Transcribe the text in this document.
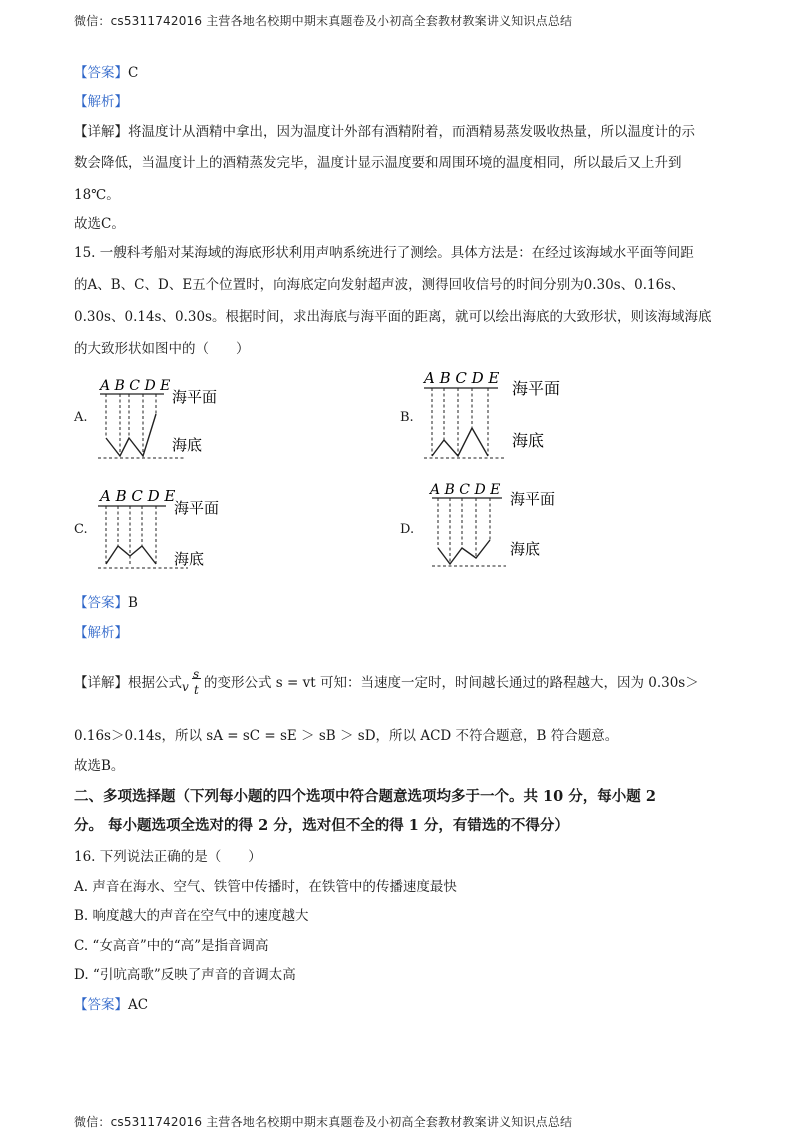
微信：cs5311742016 主营各地名校期中期末真题卷及小初高全套教材教案讲义知识点总结
【答案】C
【解析】
【详解】将温度计从酒精中拿出，因为温度计外部有酒精附着，而酒精易蒸发吸收热量，所以温度计的示
数会降低，当温度计上的酒精蒸发完毕，温度计显示温度要和周围环境的温度相同，所以最后又上升到
18℃。
故选C。
15. 一艘科考船对某海域的海底形状利用声呐系统进行了测绘。具体方法是：在经过该海域水平面等间距
的A、B、C、D、E五个位置时，向海底定向发射超声波，测得回收信号的时间分别为0.30s、0.16s、
0.30s、0.14s、0.30s。根据时间，求出海底与海平面的距离，就可以绘出海底的大致形状，则该海域海底
的大致形状如图中的（　　）
A.
A B C D E
海平面
海底
B.
A B C D E
海平面
海底
C.
A B C D E
海平面
海底
D.
A B C D E 海平面
海底
【答案】B
【解析】
【详解】根据公式 v
s
t 的变形公式 s = vt 可知：当速度一定时，时间越长通过的路程越大，因为 0.30s＞
0.16s＞0.14s，所以 sA = sC = sE ＞ sB ＞ sD，所以 ACD 不符合题意，B 符合题意。
故选B。
二、多项选择题（下列每小题的四个选项中符合题意选项均多于一个。共 10 分，每小题 2
分。 每小题选项全选对的得 2 分，选对但不全的得 1 分，有错选的不得分）
16. 下列说法正确的是（　　）
A. 声音在海水、空气、铁管中传播时，在铁管中的传播速度最快
B. 响度越大的声音在空气中的速度越大
C. “女高音”中的“高”是指音调高
D. “引吭高歌”反映了声音的音调太高
【答案】AC
微信：cs5311742016 主营各地名校期中期末真题卷及小初高全套教材教案讲义知识点总结
